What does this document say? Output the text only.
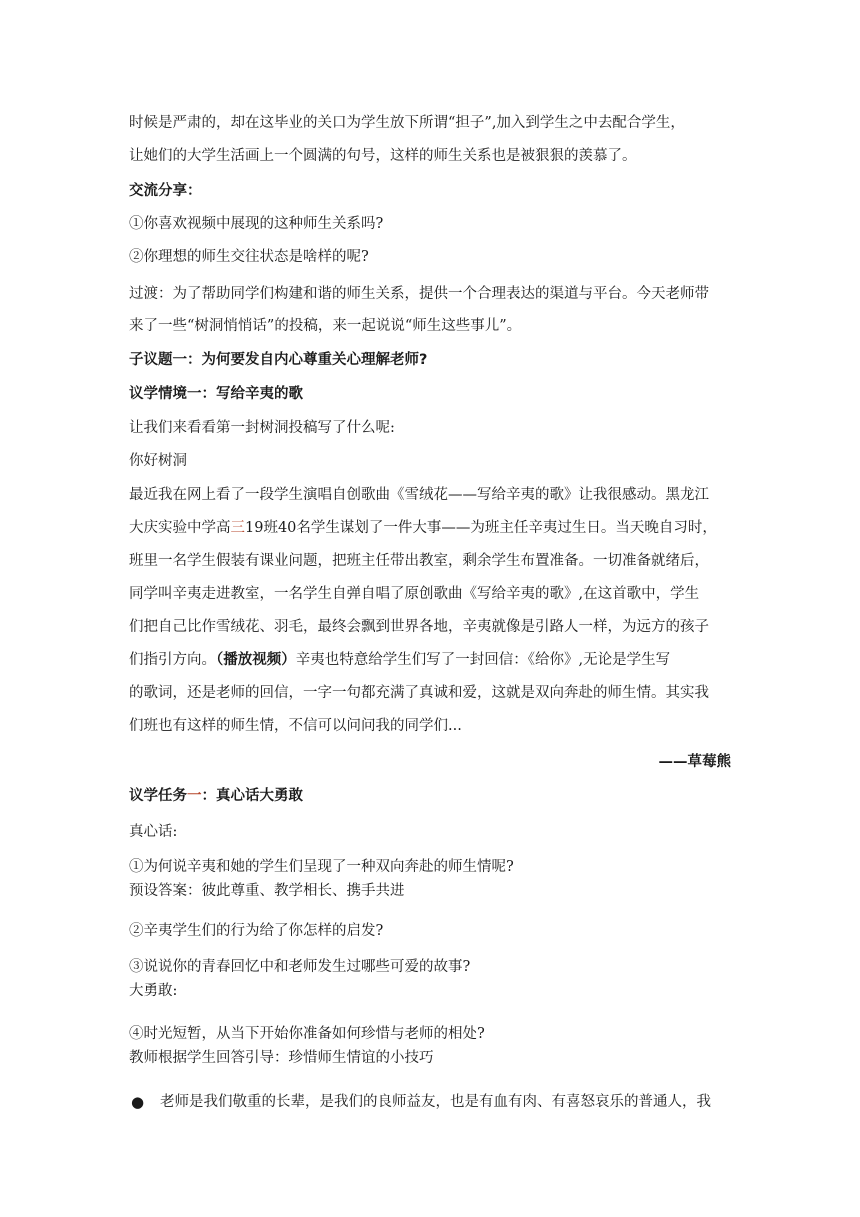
时候是严肃的，却在这毕业的关口为学生放下所谓“担子”,加入到学生之中去配合学生，
让她们的大学生活画上一个圆满的句号，这样的师生关系也是被狠狠的羡慕了。
交流分享：
①你喜欢视频中展现的这种师生关系吗?
②你理想的师生交往状态是啥样的呢?
过渡：为了帮助同学们构建和谐的师生关系，提供一个合理表达的渠道与平台。今天老师带
来了一些“树洞悄悄话”的投稿，来一起说说“师生这些事儿”。
子议题一：为何要发自内心尊重关心理解老师?
议学情境一：写给辛夷的歌
让我们来看看第一封树洞投稿写了什么呢:
你好树洞
最近我在网上看了一段学生演唱自创歌曲《雪绒花——写给辛夷的歌》让我很感动。黑龙江
大庆实验中学高三19班40名学生谋划了一件大事——为班主任辛夷过生日。当天晚自习时，
班里一名学生假装有课业问题，把班主任带出教室，剩余学生布置准备。一切准备就绪后，
同学叫辛夷走进教室，一名学生自弹自唱了原创歌曲《写给辛夷的歌》,在这首歌中，学生
们把自己比作雪绒花、羽毛，最终会飘到世界各地，辛夷就像是引路人一样，为远方的孩子
们指引方向。（播放视频）辛夷也特意给学生们写了一封回信：《给你》,无论是学生写
的歌词，还是老师的回信，一字一句都充满了真诚和爱，这就是双向奔赴的师生情。其实我
们班也有这样的师生情，不信可以问问我的同学们...
——草莓熊
议学任务一：真心话大勇敢
真心话:
①为何说辛夷和她的学生们呈现了一种双向奔赴的师生情呢?
预设答案：彼此尊重、教学相长、携手共进
②辛夷学生们的行为给了你怎样的启发?
③说说你的青春回忆中和老师发生过哪些可爱的故事?
大勇敢:
④时光短暂，从当下开始你准备如何珍惜与老师的相处?
教师根据学生回答引导：珍惜师生情谊的小技巧
● 老师是我们敬重的长辈，是我们的良师益友，也是有血有肉、有喜怒哀乐的普通人，我
